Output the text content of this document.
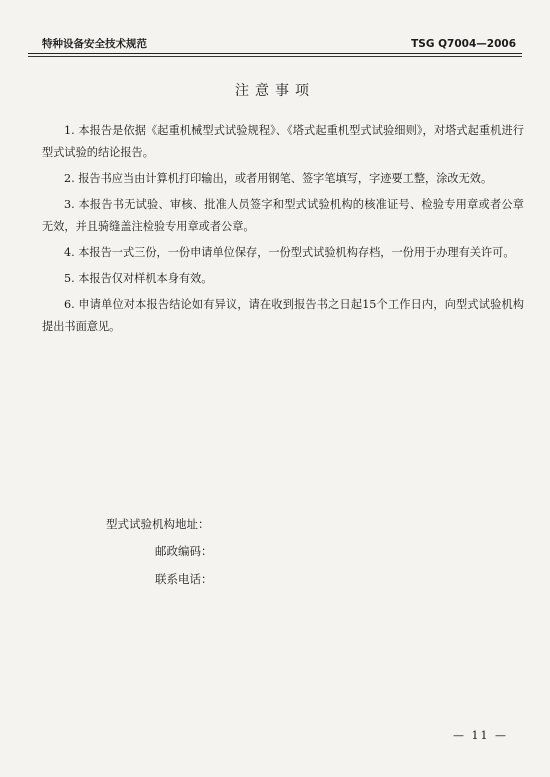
特种设备安全技术规范	TSG Q7004—2006
注意事项

1. 本报告是依据《起重机械型式试验规程》、《塔式起重机型式试验细则》，对塔式起重机进行型式试验的结论报告。

2. 报告书应当由计算机打印输出，或者用钢笔、签字笔填写，字迹要工整，涂改无效。

3. 本报告书无试验、审核、批准人员签字和型式试验机构的核准证号、检验专用章或者公章无效，并且骑缝盖注检验专用章或者公章。

4. 本报告一式三份，一份申请单位保存，一份型式试验机构存档，一份用于办理有关许可。

5. 本报告仅对样机本身有效。

6. 申请单位对本报告结论如有异议，请在收到报告书之日起15个工作日内，向型式试验机构提出书面意见。

型式试验机构地址：
邮政编码：
联系电话：
— 11 —
